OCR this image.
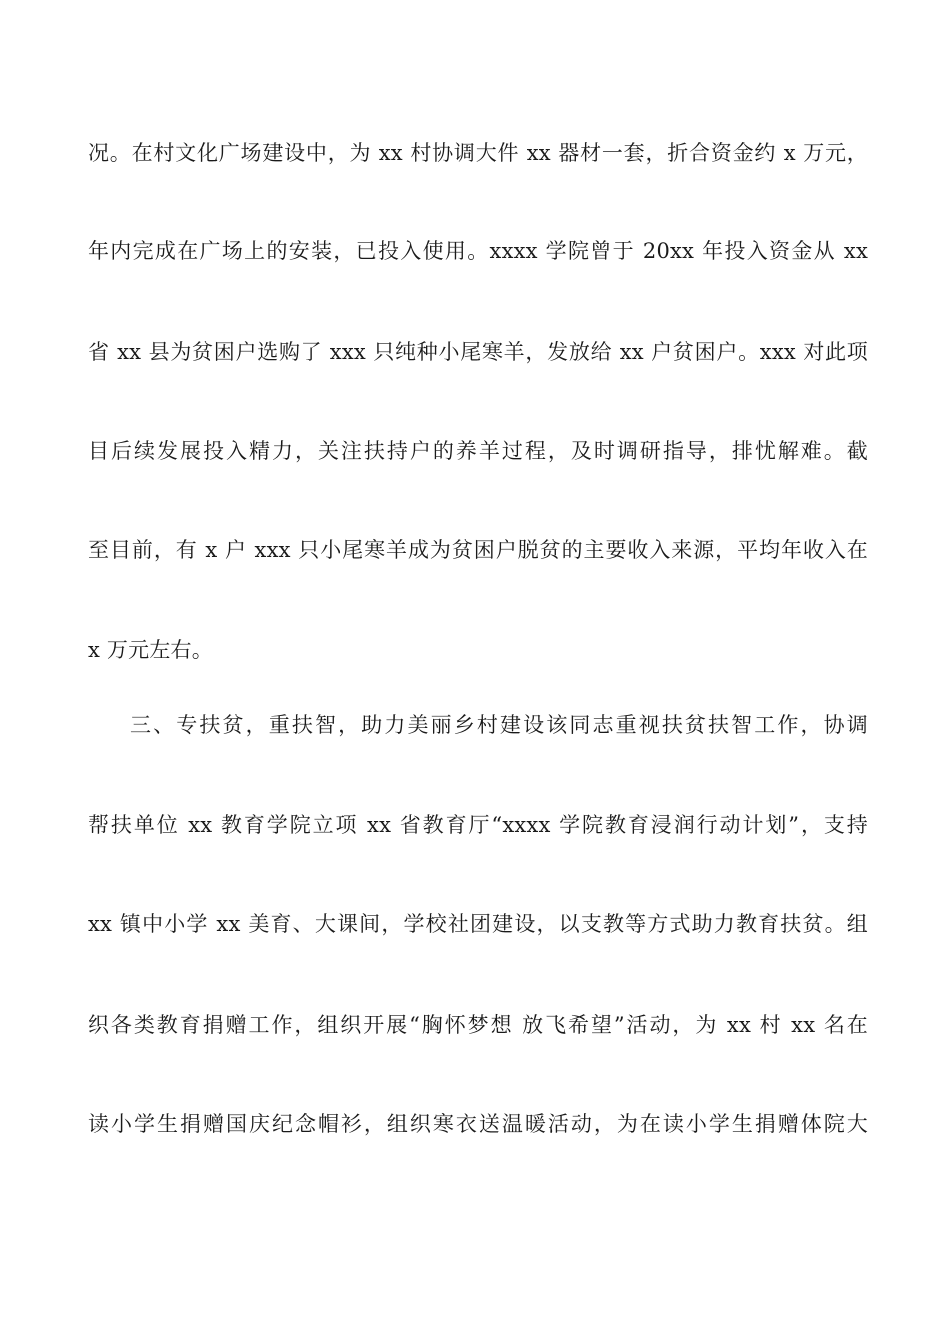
况。在村文化广场建设中，为 xx 村协调大件 xx 器材一套，折合资金约 x 万元，
年内完成在广场上的安装，已投入使用。xxxx 学院曾于 20xx 年投入资金从 xx
省 xx 县为贫困户选购了 xxx 只纯种小尾寒羊，发放给 xx 户贫困户。xxx 对此项
目后续发展投入精力，关注扶持户的养羊过程，及时调研指导，排忧解难。截
至目前，有 x 户 xxx 只小尾寒羊成为贫困户脱贫的主要收入来源，平均年收入在
x 万元左右。
三、专扶贫，重扶智，助力美丽乡村建设该同志重视扶贫扶智工作，协调
帮扶单位 xx 教育学院立项 xx 省教育厅“xxxx 学院教育浸润行动计划”，支持
xx 镇中小学 xx 美育、大课间，学校社团建设，以支教等方式助力教育扶贫。组
织各类教育捐赠工作，组织开展“胸怀梦想 放飞希望”活动，为 xx 村 xx 名在
读小学生捐赠国庆纪念帽衫，组织寒衣送温暖活动，为在读小学生捐赠体院大
